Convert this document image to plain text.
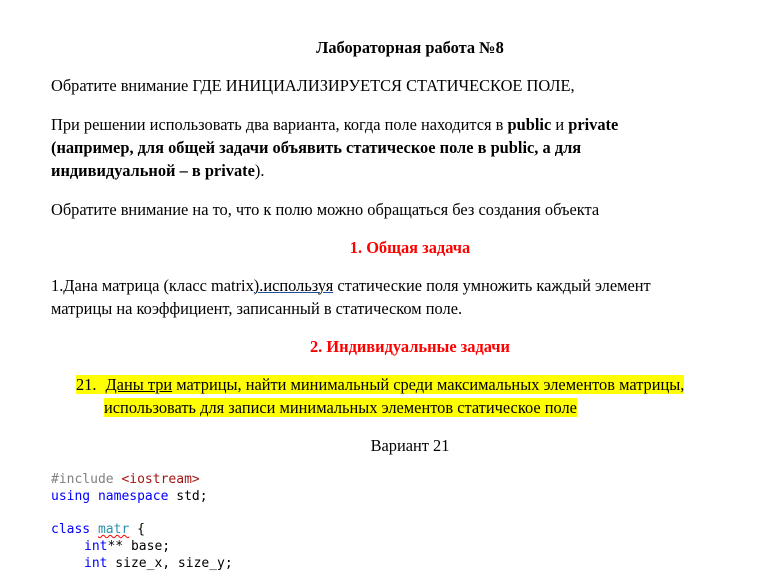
Лабораторная работа №8
Обратите внимание ГДЕ ИНИЦИАЛИЗИРУЕТСЯ СТАТИЧЕСКОЕ ПОЛЕ,
При решении использовать два варианта, когда поле находится в public и private
(например, для общей задачи объявить статическое поле в public, а для
индивидуальной – в private).
Обратите внимание на то, что к полю можно обращаться без создания объекта
1. Общая задача
1.Дана матрица (класс matrix).используя статические поля умножить каждый элемент
матрицы на коэффициент, записанный в статическом поле.
2. Индивидуальные задачи
21. Даны три матрицы, найти минимальный среди максимальных элементов матрицы,
использовать для записи минимальных элементов статическое поле
Вариант 21
#include <iostream>
using namespace std;
class matr {
int** base;
int size_x, size_y;
